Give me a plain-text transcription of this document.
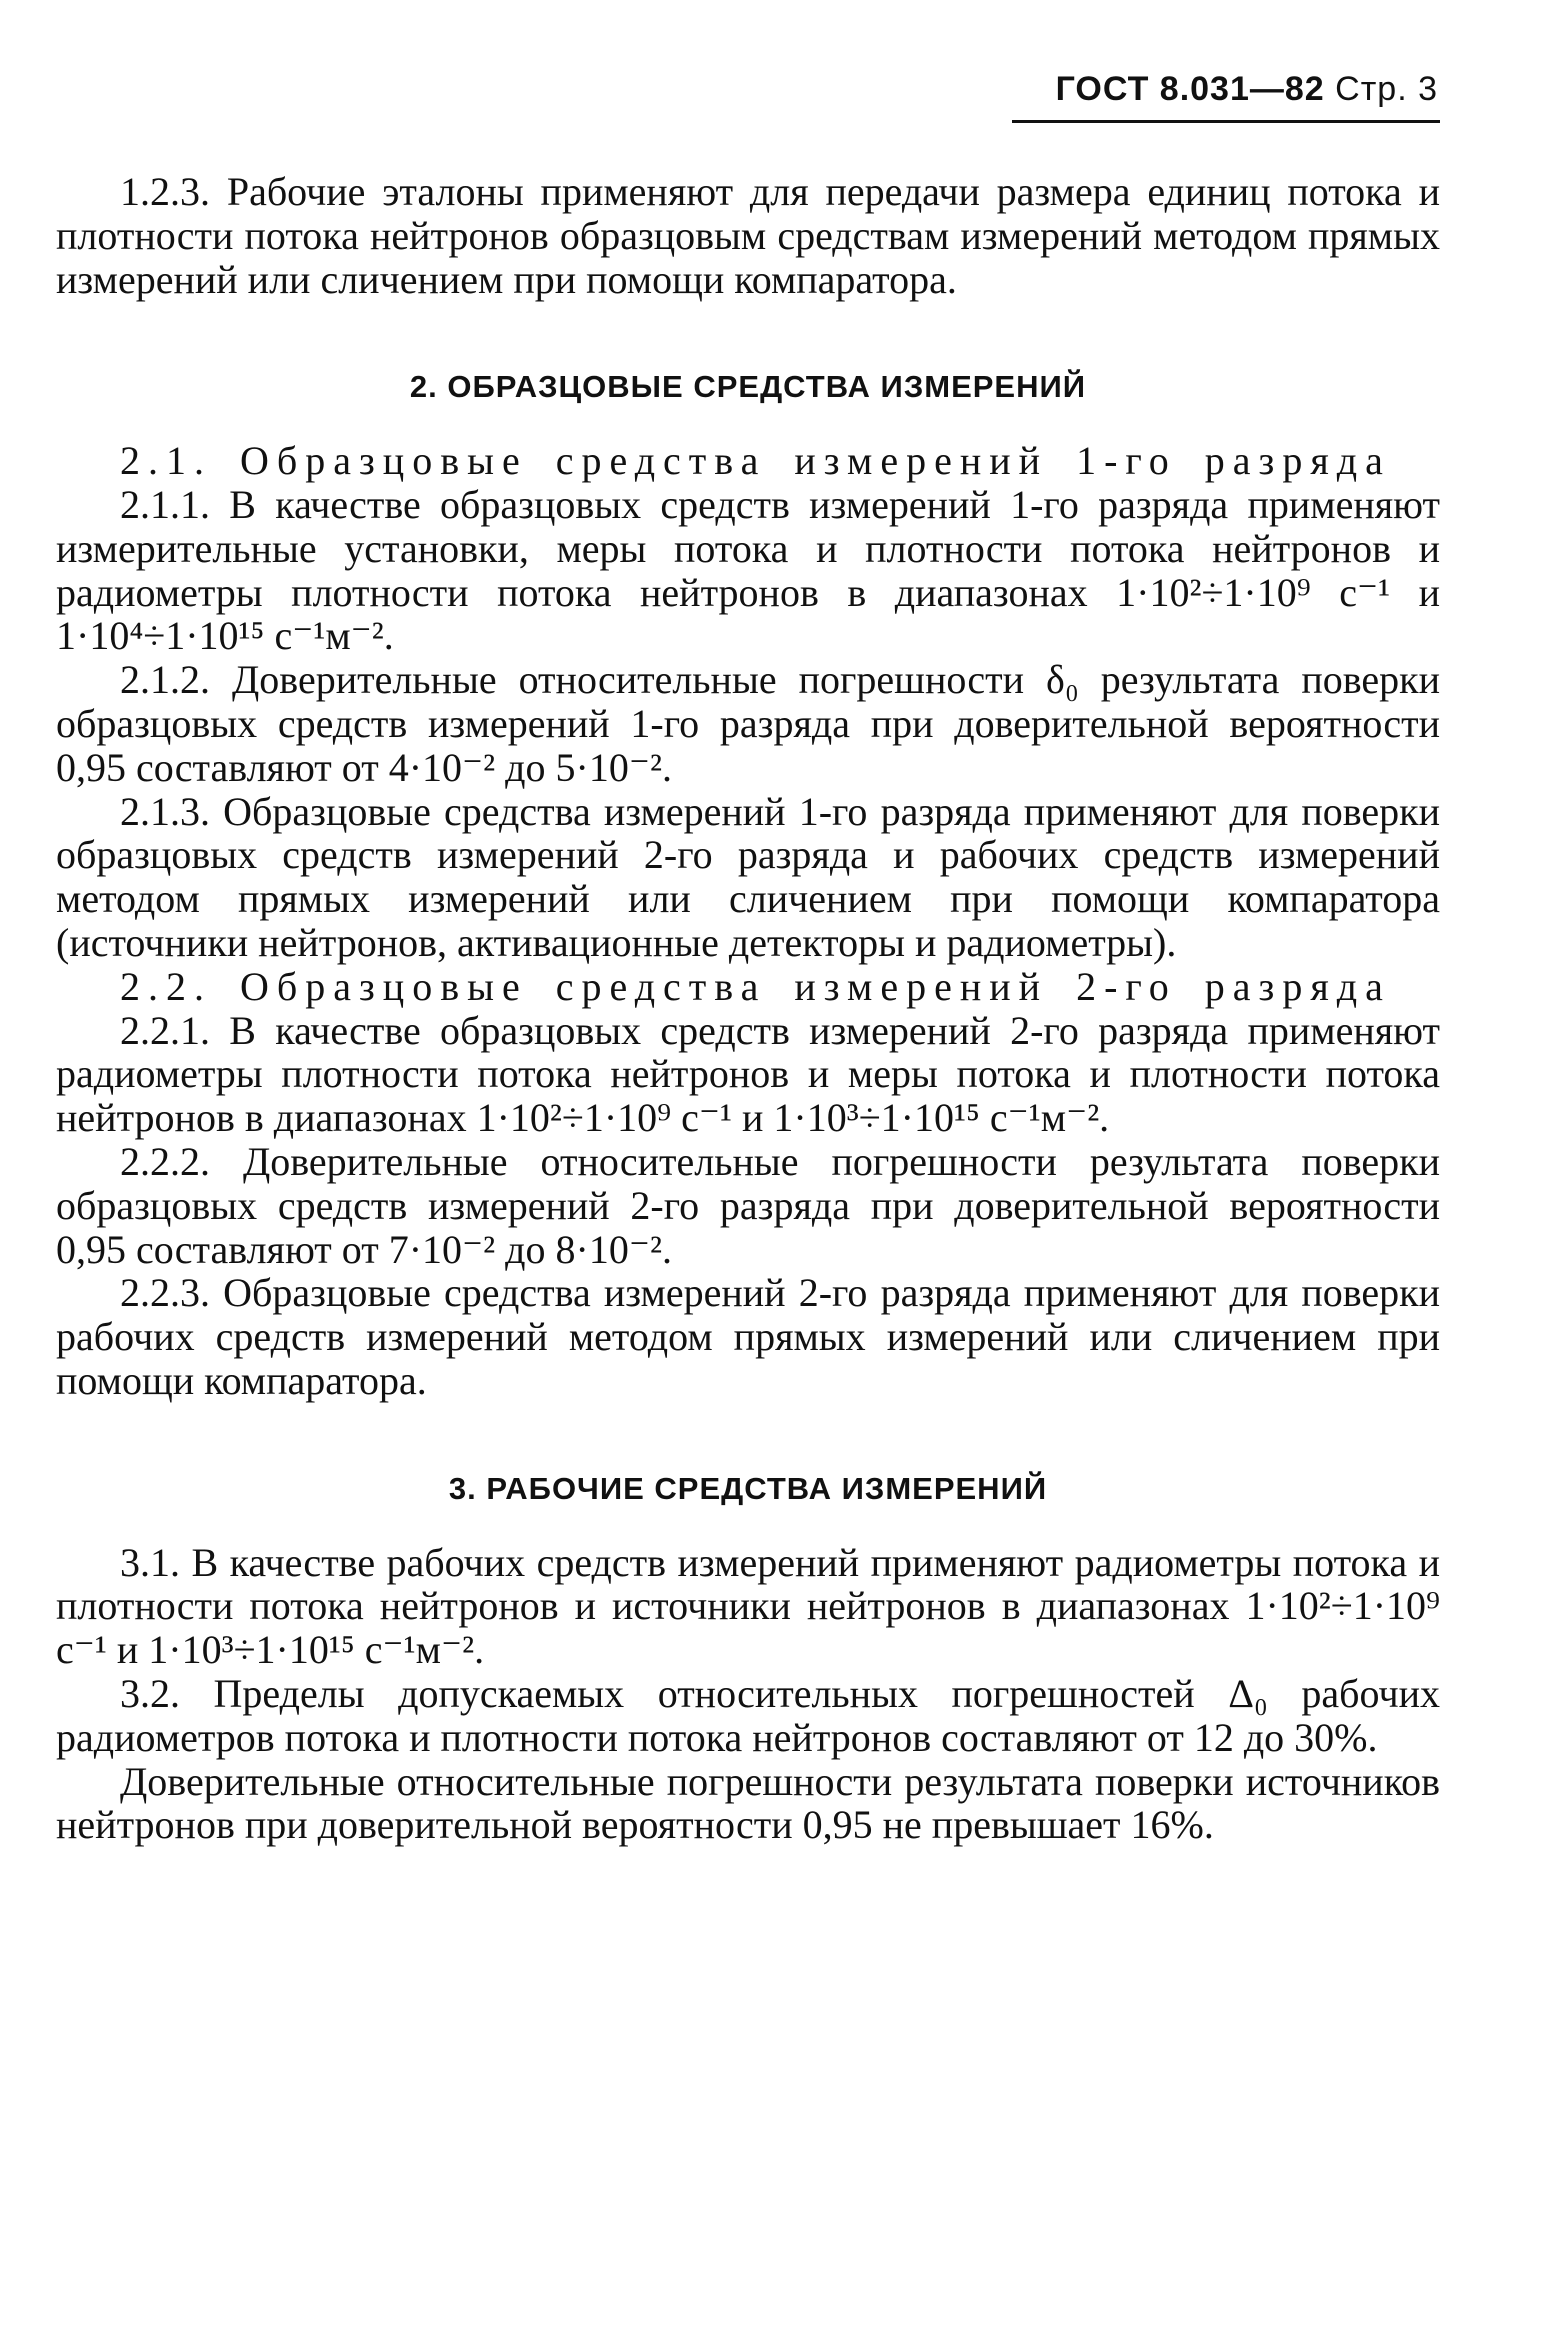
ГОСТ 8.031—82 Стр. 3

1.2.3. Рабочие эталоны применяют для передачи размера единиц потока и плотности потока нейтронов образцовым средствам измерений методом прямых измерений или сличением при помощи компаратора.

2. ОБРАЗЦОВЫЕ СРЕДСТВА ИЗМЕРЕНИЙ

2.1. Образцовые средства измерений 1-го разряда

2.1.1. В качестве образцовых средств измерений 1-го разряда применяют измерительные установки, меры потока и плотности потока нейтронов и радиометры плотности потока нейтронов в диапазонах 1·10²÷1·10⁹ с⁻¹ и 1·10⁴÷1·10¹⁵ с⁻¹м⁻².

2.1.2. Доверительные относительные погрешности δ₀ результата поверки образцовых средств измерений 1-го разряда при доверительной вероятности 0,95 составляют от 4·10⁻² до 5·10⁻².

2.1.3. Образцовые средства измерений 1-го разряда применяют для поверки образцовых средств измерений 2-го разряда и рабочих средств измерений методом прямых измерений или сличением при помощи компаратора (источники нейтронов, активационные детекторы и радиометры).

2.2. Образцовые средства измерений 2-го разряда

2.2.1. В качестве образцовых средств измерений 2-го разряда применяют радиометры плотности потока нейтронов и меры потока и плотности потока нейтронов в диапазонах 1·10²÷1·10⁹ с⁻¹ и 1·10³÷1·10¹⁵ с⁻¹м⁻².

2.2.2. Доверительные относительные погрешности результата поверки образцовых средств измерений 2-го разряда при доверительной вероятности 0,95 составляют от 7·10⁻² до 8·10⁻².

2.2.3. Образцовые средства измерений 2-го разряда применяют для поверки рабочих средств измерений методом прямых измерений или сличением при помощи компаратора.

3. РАБОЧИЕ СРЕДСТВА ИЗМЕРЕНИЙ

3.1. В качестве рабочих средств измерений применяют радиометры потока и плотности потока нейтронов и источники нейтронов в диапазонах 1·10²÷1·10⁹ с⁻¹ и 1·10³÷1·10¹⁵ с⁻¹м⁻².

3.2. Пределы допускаемых относительных погрешностей Δ₀ рабочих радиометров потока и плотности потока нейтронов составляют от 12 до 30%.

Доверительные относительные погрешности результата поверки источников нейтронов при доверительной вероятности 0,95 не превышает 16%.
